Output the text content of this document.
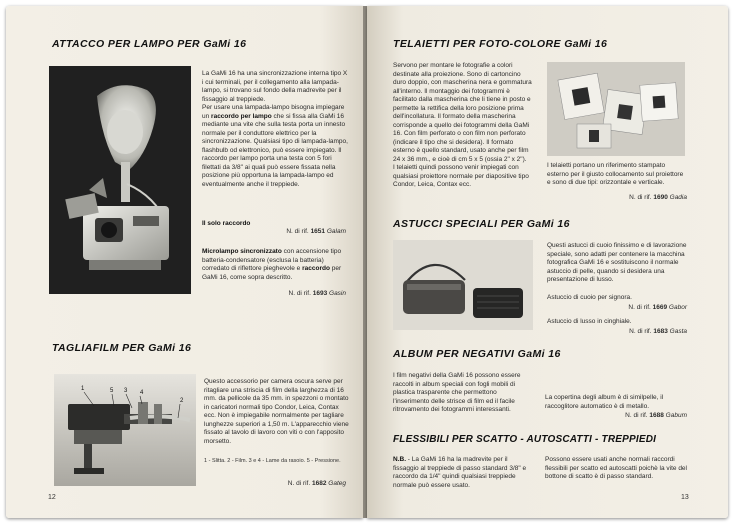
ATTACCO PER LAMPO PER GaMi 16
La GaMi 16 ha una sincronizzazione interna tipo X i cui terminali, per il collegamento alla lampada-lampo, si trovano sul fondo della madrevite per il fissaggio al treppiede.
Per usare una lampada-lampo bisogna impiegare un raccordo per lampo che si fissa alla GaMi 16 mediante una vite che sulla testa porta un innesto normale per il conduttore elettrico per la sincronizzazione. Qualsiasi tipo di lampada-lampo, flashbulb od elettronico, può essere impiegato. Il raccordo per lampo porta una testa con 5 fori filettati da 3/8" ai quali può essere fissata nella posizione più opportuna la lampada-lampo ed eventualmente anche il treppiede.
Il solo raccordo
N. di rif. 1651 Galam
Microlampo sincronizzato con accensione tipo batteria-condensatore (esclusa la batteria) corredato di riflettore pieghevole e raccordo per GaMi 16, come sopra descritto.
N. di rif. 1693 Gasin
TAGLIAFILM PER GaMi 16
1	5 3 4
2
Questo accessorio per camera oscura serve per ritagliare una striscia di film della larghezza di 16 mm. da pellicole da 35 mm. in spezzoni o montato in caricatori normali tipo Condor, Leica, Contax ecc. Non è impiegabile normalmente per tagliare lunghezze superiori a 1,50 m. L'apparecchio viene fissato al tavolo di lavoro con viti o con l'apposito morsetto.
1 - Slitta. 2 - Film. 3 e 4 - Lame da rasoio. 5 - Pressione.
N. di rif. 1682 Gateg
12
TELAIETTI PER FOTO-COLORE GaMi 16
Servono per montare le fotografie a colori destinate alla proiezione. Sono di cartoncino duro doppio, con mascherina nera e gommatura all'interno. Il montaggio dei fotogrammi è facilitato dalla mascherina che li tiene in posto e permette la rettifica della loro posizione prima dell'incollatura. Il formato della mascherina corrisponde a quello dei fotogrammi della GaMi 16. Con film perforato o con film non perforato (indicare il tipo che si desidera). Il formato esterno è quello standard, usato anche per film 24 x 36 mm., e cioè di cm 5 x 5 (ossia 2" x 2").
I telaietti quindi possono venir impiegati con qualsiasi proiettore normale per diapositive tipo Condor, Leica, Contax ecc.
I telaietti portano un riferimento stampato esterno per il giusto collocamento sul proiettore e sono di due tipi: orizzontale e verticale.
N. di rif. 1690 Gadia
ASTUCCI SPECIALI PER GaMi 16
Questi astucci di cuoio finissimo e di lavorazione speciale, sono adatti per contenere la macchina fotografica GaMi 16 e sostituiscono il normale astuccio di pelle, quando si desidera una presentazione di lusso.
Astuccio di cuoio per signora.
N. di rif. 1669 Gabor
Astuccio di lusso in cinghiale.
N. di rif. 1683 Gasta
ALBUM PER NEGATIVI GaMi 16
I film negativi della GaMi 16 possono essere raccolti in album speciali con fogli mobili di plastica trasparente che permettono l'inserimento delle strisce di film ed il facile ritrovamento dei fotogrammi interessanti.
La copertina degli album è di similpelle, il raccoglitore automatico è di metallo.
N. di rif. 1688 Gabum
FLESSIBILI PER SCATTO - AUTOSCATTI - TREPPIEDI
N.B. - La GaMi 16 ha la madrevite per il fissaggio al treppiede di passo standard 3/8" e raccordo da 1/4" quindi qualsiasi treppiede normale può essere usato.
Possono essere usati anche normali raccordi flessibili per scatto ed autoscatti poichè la vite del bottone di scatto è di passo standard.
13
